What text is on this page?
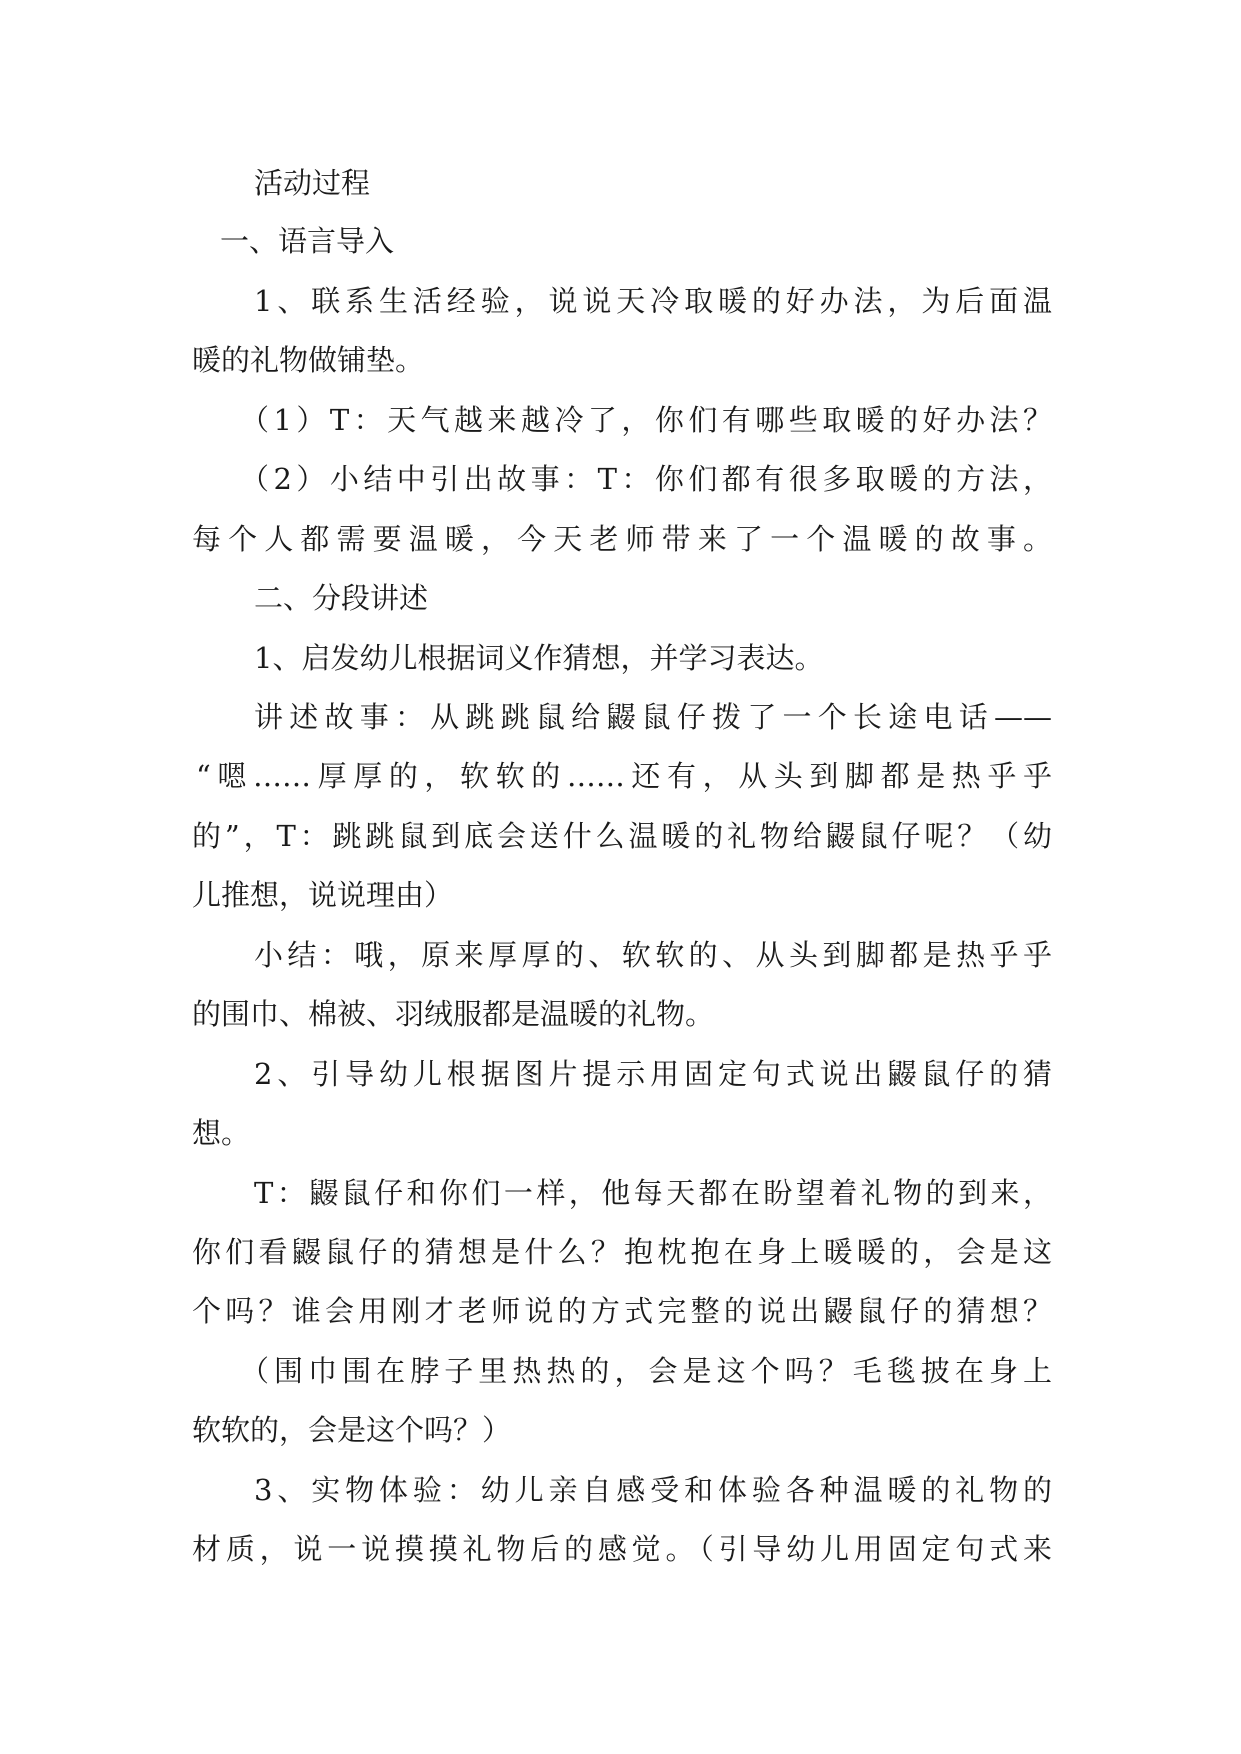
活动过程
一、语言导入
1、联系生活经验，说说天冷取暖的好办法，为后面温
暖的礼物做铺垫。
（1）T：天气越来越冷了，你们有哪些取暖的好办法？
（2）小结中引出故事：T：你们都有很多取暖的方法，
每个人都需要温暖，今天老师带来了一个温暖的故事。
二、分段讲述
1、启发幼儿根据词义作猜想，并学习表达。
讲述故事：从跳跳鼠给鼹鼠仔拨了一个长途电话——
“嗯……厚厚的，软软的……还有，从头到脚都是热乎乎
的”，T：跳跳鼠到底会送什么温暖的礼物给鼹鼠仔呢？（幼
儿推想，说说理由）
小结：哦，原来厚厚的、软软的、从头到脚都是热乎乎
的围巾、棉被、羽绒服都是温暖的礼物。
2、引导幼儿根据图片提示用固定句式说出鼹鼠仔的猜
想。
T：鼹鼠仔和你们一样，他每天都在盼望着礼物的到来，
你们看鼹鼠仔的猜想是什么？抱枕抱在身上暖暖的，会是这
个吗？谁会用刚才老师说的方式完整的说出鼹鼠仔的猜想？
（围巾围在脖子里热热的，会是这个吗？毛毯披在身上
软软的，会是这个吗？）
3、实物体验：幼儿亲自感受和体验各种温暖的礼物的
材质，说一说摸摸礼物后的感觉。（引导幼儿用固定句式来
